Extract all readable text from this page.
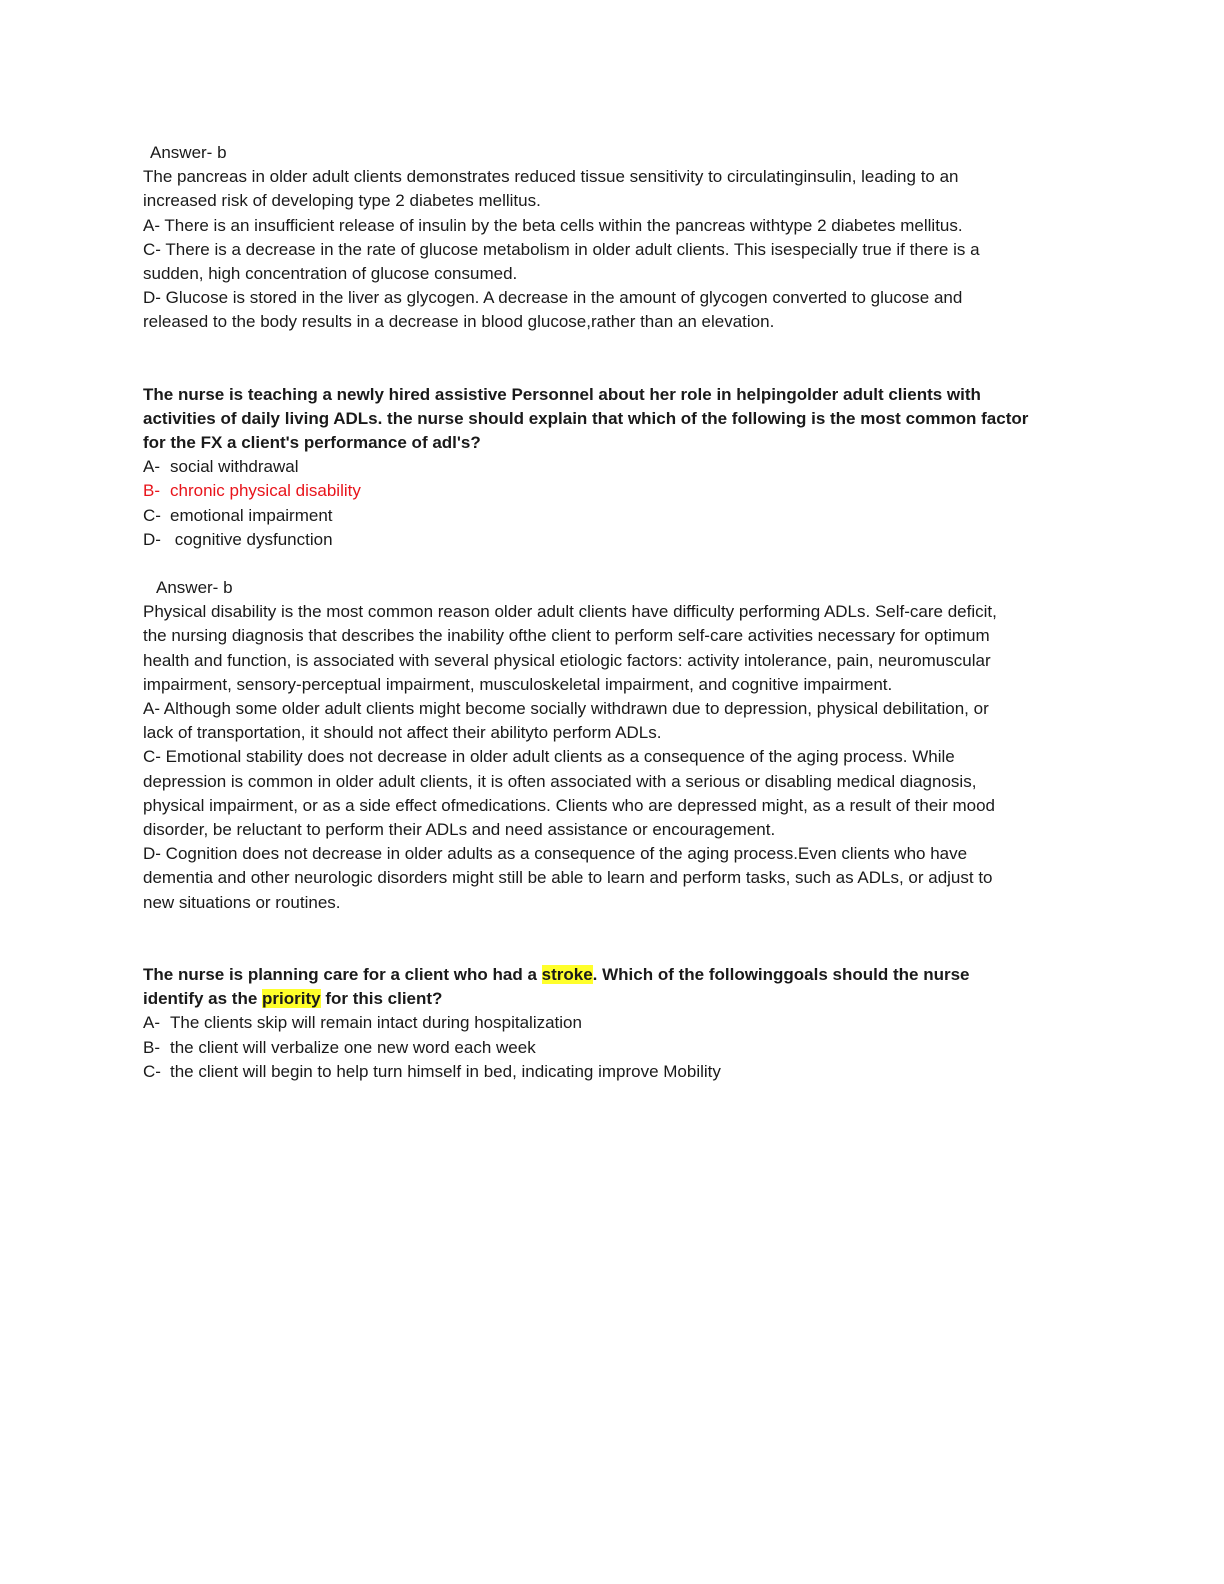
Answer- b
The pancreas in older adult clients demonstrates reduced tissue sensitivity to circulatinginsulin, leading to an
increased risk of developing type 2 diabetes mellitus.
A- There is an insufficient release of insulin by the beta cells within the pancreas withtype 2 diabetes mellitus.
C- There is a decrease in the rate of glucose metabolism in older adult clients. This isespecially true if there is a
sudden, high concentration of glucose consumed.
D- Glucose is stored in the liver as glycogen. A decrease in the amount of glycogen converted to glucose and
released to the body results in a decrease in blood glucose,rather than an elevation.
The nurse is teaching a newly hired assistive Personnel about her role in helpingolder adult clients with
activities of daily living ADLs. the nurse should explain that which of the following is the most common factor
for the FX a client's performance of adl's?
A- social withdrawal
B- chronic physical disability
C- emotional impairment
D- cognitive dysfunction
Answer- b
Physical disability is the most common reason older adult clients have difficulty performing ADLs. Self-care deficit,
the nursing diagnosis that describes the inability ofthe client to perform self-care activities necessary for optimum
health and function, is associated with several physical etiologic factors: activity intolerance, pain, neuromuscular
impairment, sensory-perceptual impairment, musculoskeletal impairment, and cognitive impairment.
A- Although some older adult clients might become socially withdrawn due to depression, physical debilitation, or
lack of transportation, it should not affect their abilityto perform ADLs.
C- Emotional stability does not decrease in older adult clients as a consequence of the aging process. While
depression is common in older adult clients, it is often associated with a serious or disabling medical diagnosis,
physical impairment, or as a side effect ofmedications. Clients who are depressed might, as a result of their mood
disorder, be reluctant to perform their ADLs and need assistance or encouragement.
D- Cognition does not decrease in older adults as a consequence of the aging process.Even clients who have
dementia and other neurologic disorders might still be able to learn and perform tasks, such as ADLs, or adjust to
new situations or routines.
The nurse is planning care for a client who had a stroke. Which of the followinggoals should the nurse
identify as the priority for this client?
A- The clients skip will remain intact during hospitalization
B- the client will verbalize one new word each week
C- the client will begin to help turn himself in bed, indicating improve Mobility
